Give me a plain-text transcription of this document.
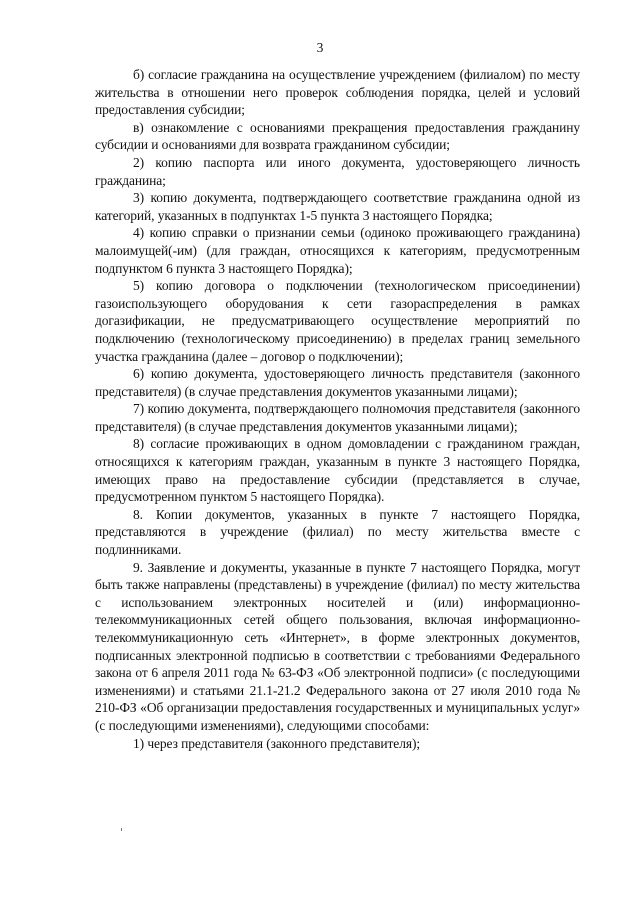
3

б) согласие гражданина на осуществление учреждением (филиалом) по месту жительства в отношении него проверок соблюдения порядка, целей и условий предоставления субсидии;

в) ознакомление с основаниями прекращения предоставления гражданину субсидии и основаниями для возврата гражданином субсидии;

2) копию паспорта или иного документа, удостоверяющего личность гражданина;

3) копию документа, подтверждающего соответствие гражданина одной из категорий, указанных в подпунктах 1-5 пункта 3 настоящего Порядка;

4) копию справки о признании семьи (одиноко проживающего гражданина) малоимущей(-им) (для граждан, относящихся к категориям, предусмотренным подпунктом 6 пункта 3 настоящего Порядка);

5) копию договора о подключении (технологическом присоединении) газоиспользующего оборудования к сети газораспределения в рамках догазификации, не предусматривающего осуществление мероприятий по подключению (технологическому присоединению) в пределах границ земельного участка гражданина (далее – договор о подключении);

6) копию документа, удостоверяющего личность представителя (законного представителя) (в случае представления документов указанными лицами);

7) копию документа, подтверждающего полномочия представителя (законного представителя) (в случае представления документов указанными лицами);

8) согласие проживающих в одном домовладении с гражданином граждан, относящихся к категориям граждан, указанным в пункте 3 настоящего Порядка, имеющих право на предоставление субсидии (представляется в случае, предусмотренном пунктом 5 настоящего Порядка).

8. Копии документов, указанных в пункте 7 настоящего Порядка, представляются в учреждение (филиал) по месту жительства вместе с подлинниками.

9. Заявление и документы, указанные в пункте 7 настоящего Порядка, могут быть также направлены (представлены) в учреждение (филиал) по месту жительства с использованием электронных носителей и (или) информационно-телекоммуникационных сетей общего пользования, включая информационно-телекоммуникационную сеть «Интернет», в форме электронных документов, подписанных электронной подписью в соответствии с требованиями Федерального закона от 6 апреля 2011 года № 63-ФЗ «Об электронной подписи» (с последующими изменениями) и статьями 21.1-21.2 Федерального закона от 27 июля 2010 года № 210-ФЗ «Об организации предоставления государственных и муниципальных услуг» (с последующими изменениями), следующими способами:

1) через представителя (законного представителя);
